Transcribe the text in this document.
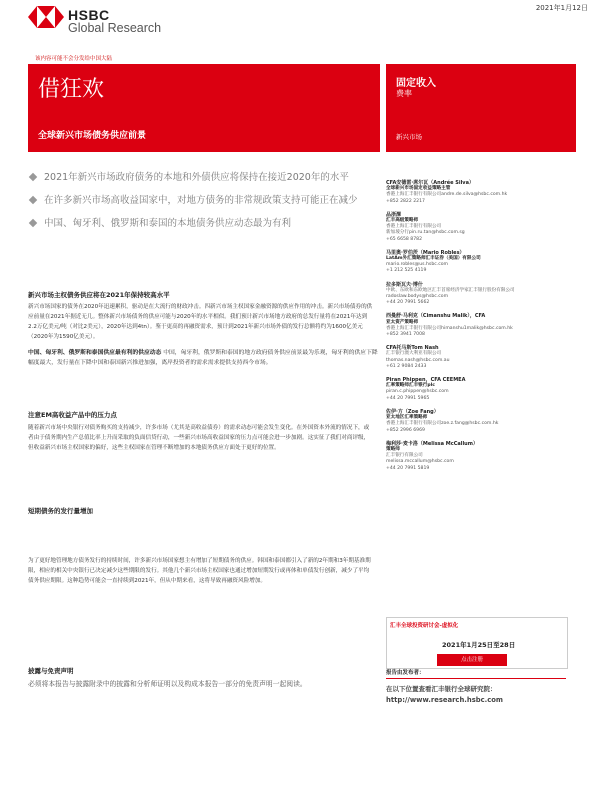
HSBC
Global Research
2021年1月12日
该内容可能不会分发给中国大陆
借狂欢
全球新兴市场债务供应前景
固定收入
费率
新兴市场
2021年新兴市场政府债务的本地和外债供应将保持在接近2020年的水平
在许多新兴市场高收益国家中，对地方债务的非常规政策支持可能正在减少
中国、匈牙利、俄罗斯和泰国的本地债务供应动态最为有利
新兴市场主权债务供应将在2021年保持较高水平
新兴市场国家的债务在2020年迅速累积，驱动是在大流行的财政冲击。四新兴市场主权国家金融资源的供应作用的冲击。新兴市场债券的供应前量在2021年据近无几。整体新兴市场债务的供应可能与2020年的水平相似。我们预计新兴市场地方政府的总发行量将在2021年达到2.2万亿美元/吨（对比2美元），2020年达到4tn）。鉴于更高的再融资需求，预计到2021年新兴市场外债的发行总额将约为1600亿美元（2020年为1590亿美元）。
中国、匈牙利、俄罗斯和泰国供应最有利的供应动态 中国，匈牙利，俄罗斯和泰国的地方政府债务供应前景最为乐观，匈牙利的供应下降幅度最大，发行量在下降中国和泰国新兴推进加强，离岸投资者的需求需求提供支持西今市场。
注意EM高收益产品中的压力点
随着新兴市场中央银行对债务购买的支持减少，许多市场（尤其是高收益债券）的需求动态可能会发生变化。在外国资本外流的情况下，或者由于债务期内生产总值比率上升而采取的负面信贷行动，一些新兴市场高收益国家的压力点可能会进一步加剧。这实征了我们对商评级，但收益新兴市场主权国家的偏好，这些主权国家在管理不断增加的本地债务供应方面处于更好的位置。
短期债务的发行量增加
为了更好地管理地方债务发行的持续时间，许多新兴市场国家想主有增加了短期债务的供应。韩国和泰国都引入了新的2年期和3年期基准期限，相应的相关中央银行已决定减少这些期限的发行。其他几个新兴市场主权国家也通过增加短期发行或再体和单债发行创新，减少了平均债务供应期限。这种趋势可能会一直持续到2021年，但从中期来看，这将导致再融资风险增加。
CFA安德雷·席尔瓦（Andrée Silva）
全球新兴市场固定收益策略主管
香港上海汇丰银行有限公司andre.de.silva@hsbc.com.hk
+852 2822 2217
品浙澤
汇丰高级策略师
香港上海汇丰银行有限公司
新加坡分行pin.ru.tan@hsbc.com.sg
+65 6658 8782
马里奥·罗伯茨（Mario Robles）
LatAm外汇策略师汇丰证券（美国）有限公司
mario.robles@us.hsbc.com
+1 212 525 4119
拉多斯瓦夫·博什
中欧、东欧和东欧地区汇丰首席经济学家汇丰银行股份有限公司
radoslaw.bodys@hsbc.com
+44 20 7991 5662
西曼舒·马利克（Cimanshu Malik），CFA
亚太资产策略师
香港上海汇丰银行有限公司himanshu1malik@hsbc.com.hk
+852 3941 7008
CFA托马斯Tom Nash
汇丰银行澳大利亚有限公司
thomas.nash@hsbc.com.au
+61 2 9084 2433
Piran Phippen，CFA CEEMEA
汇率策略师汇丰银行plc
piran.c.phippen@hsbc.com
+44 20 7991 5965
佐伊·方（Zoe Fang）
亚太地区汇率策略师
香港上海汇丰银行有限公司zoe.z.fang@hsbc.com.hk
+852 2996 6969
梅利莎·麦卡洛（Melissa McCallum）
策略师
汇丰银行有限公司
melissa.mccallum@hsbc.com
+44 20 7991 5819
汇丰全球投资研讨会-虚拟化
2021年1月25日至28日
点击注册
报告由发布者：
披露与免责声明
必须将本报告与披露附录中的披露和分析师证明以及构成本报告一部分的免责声明一起阅读。
在以下位置查看汇丰银行全球研究院：
http://www.research.hsbc.com
